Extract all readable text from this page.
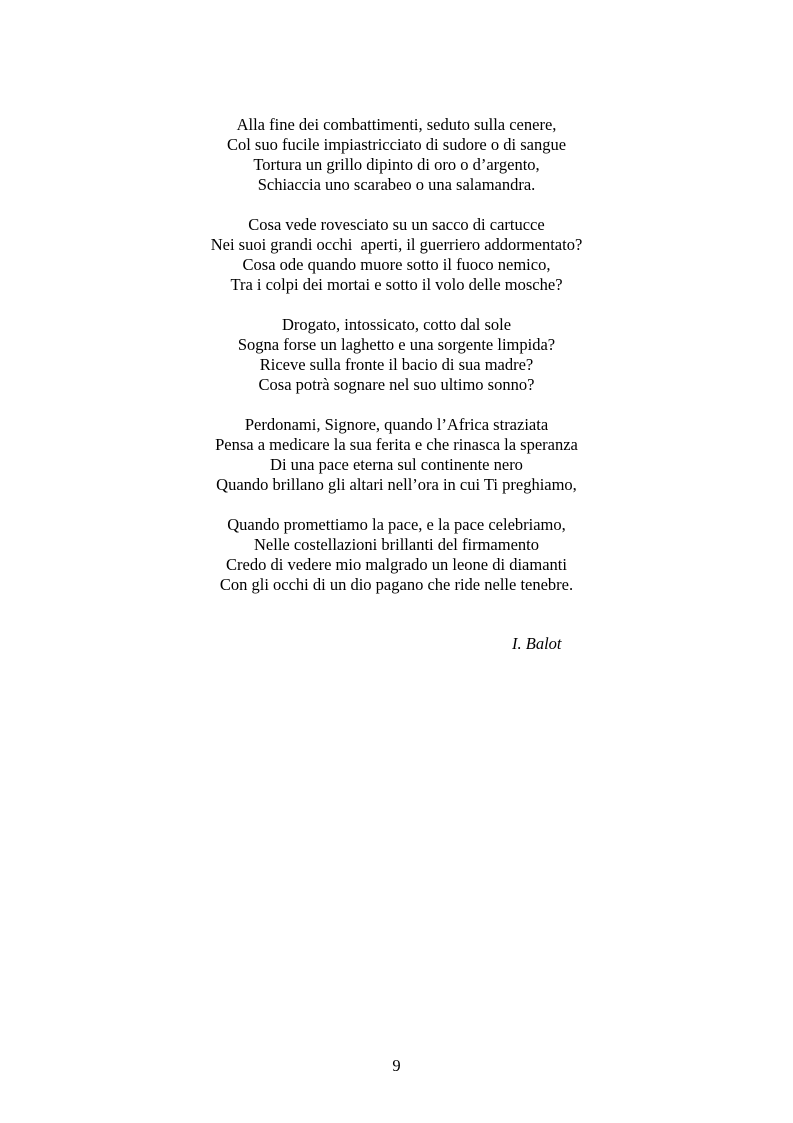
Alla fine dei combattimenti, seduto sulla cenere,
Col suo fucile impiastricciato di sudore o di sangue
Tortura un grillo dipinto di oro o d’argento,
Schiaccia uno scarabeo o una salamandra.
Cosa vede rovesciato su un sacco di cartucce
Nei suoi grandi occhi  aperti, il guerriero addormentato?
Cosa ode quando muore sotto il fuoco nemico,
Tra i colpi dei mortai e sotto il volo delle mosche?
Drogato, intossicato, cotto dal sole
Sogna forse un laghetto e una sorgente limpida?
Riceve sulla fronte il bacio di sua madre?
Cosa potrà sognare nel suo ultimo sonno?
Perdonami, Signore, quando l’Africa straziata
Pensa a medicare la sua ferita e che rinasca la speranza
Di una pace eterna sul continente nero
Quando brillano gli altari nell’ora in cui Ti preghiamo,
Quando promettiamo la pace, e la pace celebriamo,
Nelle costellazioni brillanti del firmamento
Credo di vedere mio malgrado un leone di diamanti
Con gli occhi di un dio pagano che ride nelle tenebre.
I. Balot
9
